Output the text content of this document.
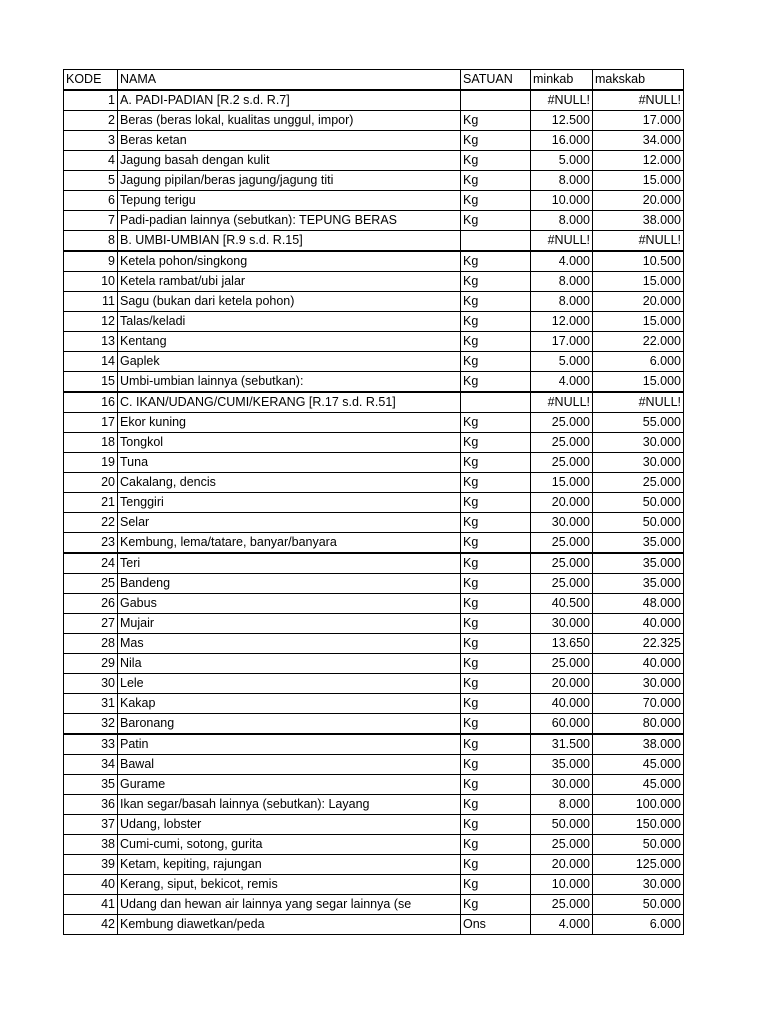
KODE	NAMA	SATUAN	minkab	makskab
1	A. PADI-PADIAN [R.2 s.d. R.7]		#NULL!	#NULL!
2	Beras (beras lokal, kualitas unggul, impor)	Kg	12.500	17.000
3	Beras ketan	Kg	16.000	34.000
4	Jagung basah dengan kulit	Kg	5.000	12.000
5	Jagung pipilan/beras jagung/jagung titi	Kg	8.000	15.000
6	Tepung terigu	Kg	10.000	20.000
7	Padi-padian lainnya (sebutkan): TEPUNG BERAS	Kg	8.000	38.000
8	B. UMBI-UMBIAN [R.9 s.d. R.15]		#NULL!	#NULL!
9	Ketela pohon/singkong	Kg	4.000	10.500
10	Ketela rambat/ubi jalar	Kg	8.000	15.000
11	Sagu (bukan dari ketela pohon)	Kg	8.000	20.000
12	Talas/keladi	Kg	12.000	15.000
13	Kentang	Kg	17.000	22.000
14	Gaplek	Kg	5.000	6.000
15	Umbi-umbian lainnya (sebutkan):	Kg	4.000	15.000
16	C. IKAN/UDANG/CUMI/KERANG [R.17 s.d. R.51]		#NULL!	#NULL!
17	Ekor kuning	Kg	25.000	55.000
18	Tongkol	Kg	25.000	30.000
19	Tuna	Kg	25.000	30.000
20	Cakalang, dencis	Kg	15.000	25.000
21	Tenggiri	Kg	20.000	50.000
22	Selar	Kg	30.000	50.000
23	Kembung, lema/tatare, banyar/banyara	Kg	25.000	35.000
24	Teri	Kg	25.000	35.000
25	Bandeng	Kg	25.000	35.000
26	Gabus	Kg	40.500	48.000
27	Mujair	Kg	30.000	40.000
28	Mas	Kg	13.650	22.325
29	Nila	Kg	25.000	40.000
30	Lele	Kg	20.000	30.000
31	Kakap	Kg	40.000	70.000
32	Baronang	Kg	60.000	80.000
33	Patin	Kg	31.500	38.000
34	Bawal	Kg	35.000	45.000
35	Gurame	Kg	30.000	45.000
36	Ikan segar/basah lainnya (sebutkan): Layang	Kg	8.000	100.000
37	Udang, lobster	Kg	50.000	150.000
38	Cumi-cumi, sotong, gurita	Kg	25.000	50.000
39	Ketam, kepiting, rajungan	Kg	20.000	125.000
40	Kerang, siput, bekicot, remis	Kg	10.000	30.000
41	Udang dan hewan air lainnya yang segar lainnya (se	Kg	25.000	50.000
42	Kembung diawetkan/peda	Ons	4.000	6.000
